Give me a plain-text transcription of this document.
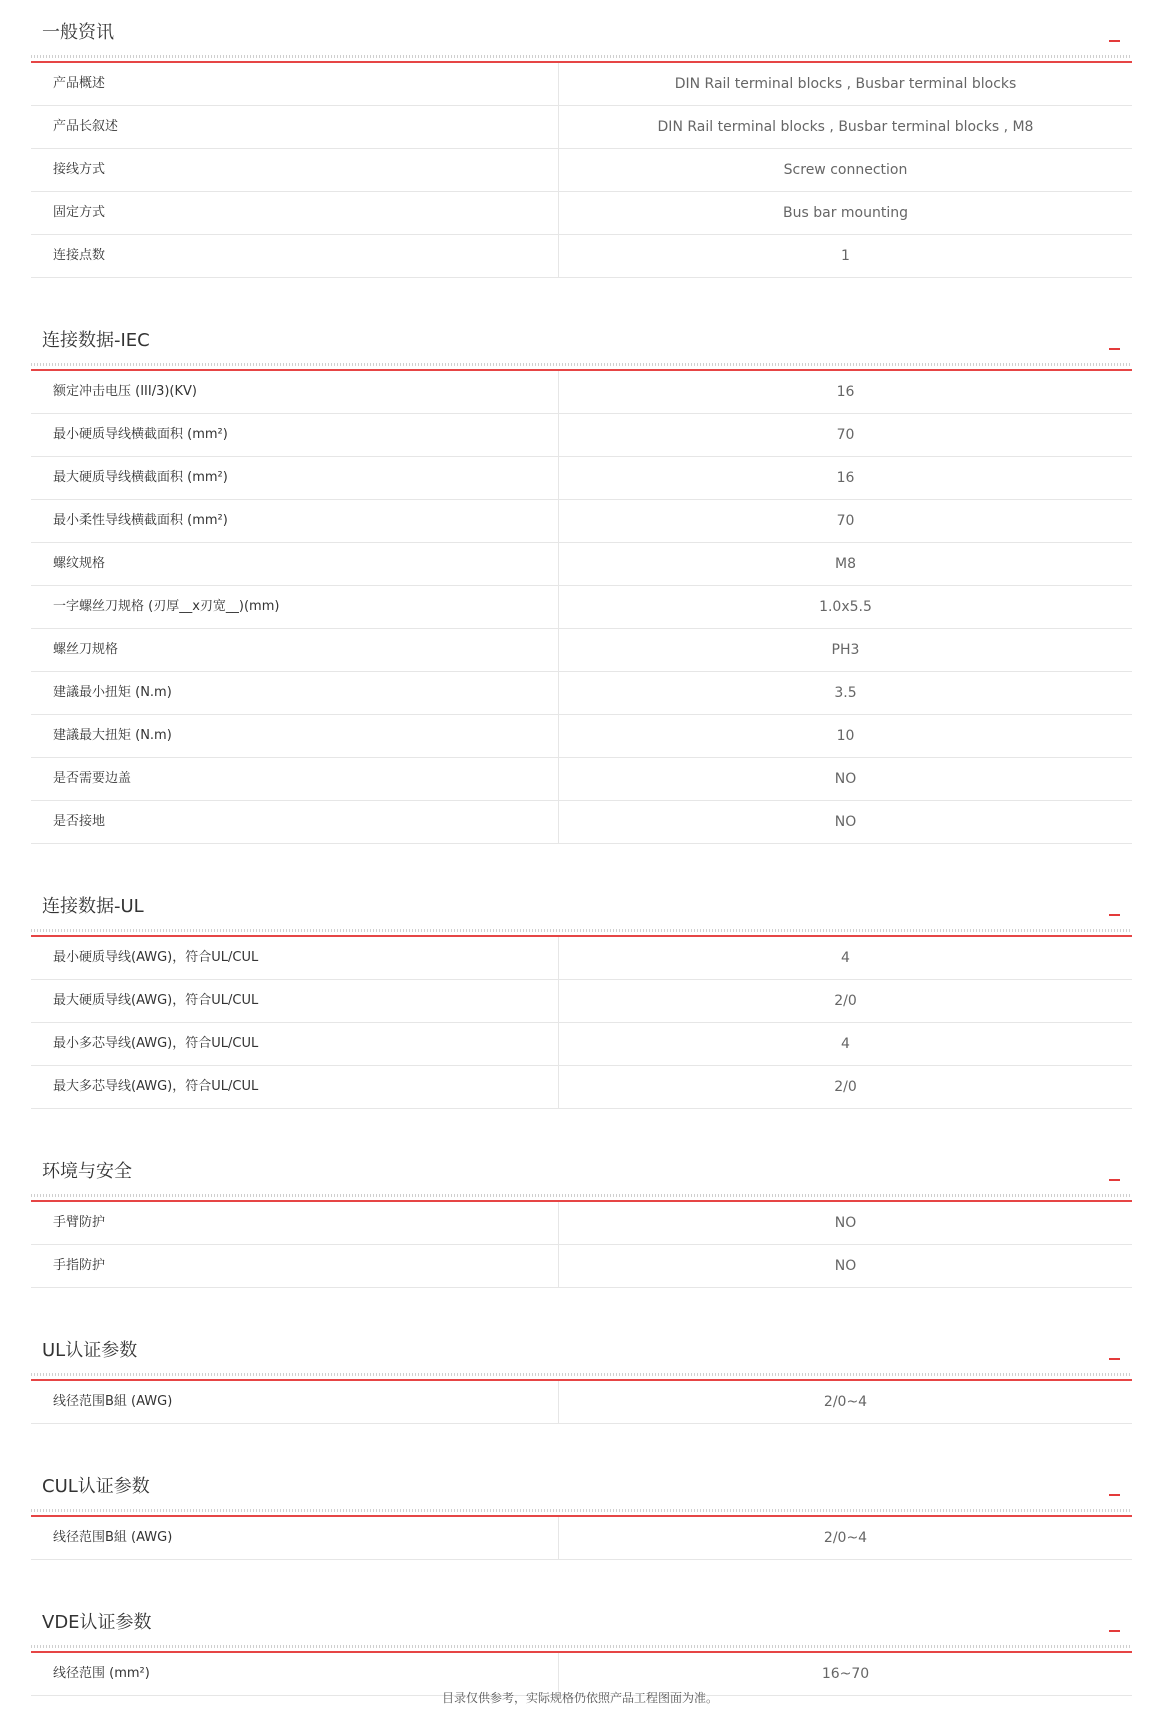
一般资讯
产品概述	DIN Rail terminal blocks , Busbar terminal blocks
产品长叙述	DIN Rail terminal blocks , Busbar terminal blocks , M8
接线方式	Screw connection
固定方式	Bus bar mounting
连接点数	1
连接数据-IEC
额定冲击电压 (III/3)(KV)	16
最小硬质导线横截面积 (mm²)	70
最大硬质导线横截面积 (mm²)	16
最小柔性导线横截面积 (mm²)	70
螺纹规格	M8
一字螺丝刀规格 (刃厚__x刃宽__)(mm)	1.0x5.5
螺丝刀规格	PH3
建議最小扭矩 (N.m)	3.5
建議最大扭矩 (N.m)	10
是否需要边盖	NO
是否接地	NO
连接数据-UL
最小硬质导线(AWG)，符合UL/CUL	4
最大硬质导线(AWG)，符合UL/CUL	2/0
最小多芯导线(AWG)，符合UL/CUL	4
最大多芯导线(AWG)，符合UL/CUL	2/0
环境与安全
手臂防护	NO
手指防护	NO
UL认证参数
线径范围B組 (AWG)	2/0~4
CUL认证参数
线径范围B組 (AWG)	2/0~4
VDE认证参数
线径范围 (mm²)	16~70
目录仅供参考，实际规格仍依照产品工程图面为准。
